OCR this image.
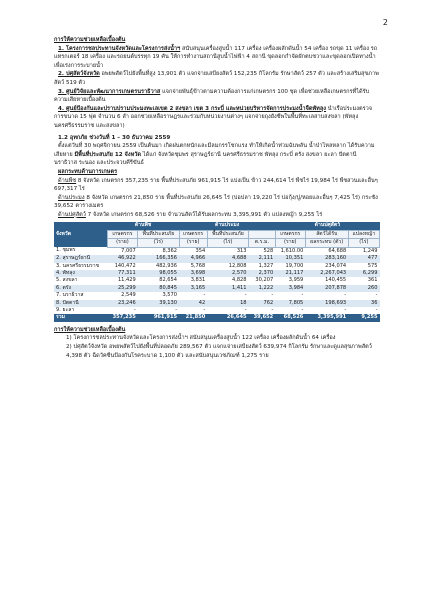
2

การให้ความช่วยเหลือเบื้องต้น

1. โครงการชลประทานจังหวัดและโครงการส่งน้ำฯ สนับสนุนเครื่องสูบน้ำ 117 เครื่อง เครื่องผลักดันน้ำ 54 เครื่อง รถขุด 11 เครื่อง รถแทรกเตอร์ 18 เครื่อง และรถยนต์บรรทุก 19 คัน ให้การทำงานสถานีสูบน้ำไฟฟ้า 4 สถานี ขุดลอกกำจัดผักตบชวาและขุดลอกเปิดทางน้ำ เพื่อเร่งการระบายน้ำ

2. ปศุสัตว์จังหวัด อพยพสัตว์ไปยังพื้นที่สูง 13,901 ตัว แจกจ่ายเสบียงสัตว์ 152,235 กิโลกรัม รักษาสัตว์ 257 ตัว และสร้างเสริมสุขภาพสัตว์ 519 ตัว

3. ศูนย์วิจัยและพัฒนาการเกษตรนราธิวาส แจกจ่ายพันธุ์ข้าวตามความต้องการแก่เกษตรกร 100 ชุด เพื่อช่วยเหลือเกษตรกรที่ได้รับความเสียหายเบื้องต้น

4. ศูนย์ป้องกันและปราบปรามประมงทะเลเขต 2 สงขลา เขต 3 กระบี่ และหน่วยบริหารจัดการประมงน้ำจืดพัทลุง นำเรือประมงตรวจการขนาด 15 ฟุต จำนวน 6 ลำ ออกช่วยเหลือราษฎรและร่วมกับหน่วยงานต่างๆ แจกจ่ายถุงยังชีพในพื้นที่ทะเลสาบสงขลา (พัทลุง นครศรีธรรมราช และสงขลา)

1.2 อุทกภัย ช่วงวันที่ 1 – 30 ธันวาคม 2559

ตั้งแต่วันที่ 30 พฤศจิกายน 2559 เป็นต้นมา เกิดฝนตกหนักและมีลมกรรโชกแรง ทำให้เกิดน้ำท่วมฉับพลัน น้ำป่าไหลหลาก ได้รับความเสียหาย มีพื้นที่ประสบภัย 12 จังหวัด ได้แก่ จังหวัดชุมพร สุราษฎร์ธานี นครศรีธรรมราช พัทลุง กระบี่ ตรัง สงขลา ยะลา ปัตตานี นราธิวาส ระนอง และประจวบคีรีขันธ์

ผลกระทบด้านการเกษตร

ด้านพืช 8 จังหวัด เกษตรกร 357,235 ราย พื้นที่ประสบภัย 961,915 ไร่ แบ่งเป็น ข้าว 244,614 ไร่ พืชไร่ 19,984 ไร่ พืชสวนและอื่นๆ 697,317 ไร่

ด้านประมง 8 จังหวัด เกษตรกร 21,850 ราย พื้นที่ประสบภัย 26,645 ไร่ (บ่อปลา 19,220 ไร่ บ่อกุ้ง/ปู/หอยและอื่นๆ 7,425 ไร่) กระชัง 39,652 ตารางเมตร

ด้านปศุสัตว์ 7 จังหวัด เกษตรกร 68,526 ราย จำนวนสัตว์ได้รับผลกระทบ 3,395,991 ตัว แปลงหญ้า 9,255 ไร่

จังหวัด	ด้านพืช		ด้านประมง			ด้านปศุสัตว์		
	เกษตรกร	พื้นที่ประสบภัย	เกษตรกร	พื้นที่ประสบภัย		เกษตรกร	สัตว์ได้รับ	แปลงหญ้า
	(ราย)	(ไร่)	(ราย)	(ไร่)	ต.ร.ม.	(ราย)	ผลกระทบ (ตัว)	(ไร่)
1. ชุมพร	7,007	8,362	354	313	528	1,610.00	64,688	1,249
2. สุราษฎร์ธานี	46,922	166,356	4,966	4,688	2,111	10,351	283,160	477
3. นครศรีธรรมราช	140,472	482,936	5,768	12,808	1,327	19,700	234,074	575
4. พัทลุง	77,311	98,055	3,698	2,570	2,370	21,117	2,267,043	6,299
5. สงขลา	11,429	82,654	3,831	4,828	30,207	3,959	140,455	361
6. ตรัง	25,299	80,845	3,165	1,411	1,222	3,984	207,878	260
7. นราธิวาส	2,549	3,570	-	-	-	-	-	-
8. ปัตตานี	23,246	39,130	42	18	762	7,805	198,693	36
9. ยะลา	-	-	-	-	-	-	-	-
รวม	357,235	961,915	21,850	26,645	39,652	68,526	3,395,991	9,255

การให้ความช่วยเหลือเบื้องต้น

1) โครงการชลประทานจังหวัดและโครงการส่งน้ำฯ สนับสนุนเครื่องสูบน้ำ 122 เครื่อง เครื่องผลักดันน้ำ 64 เครื่อง

2) ปศุสัตว์จังหวัด อพยพสัตว์ไปยังพื้นที่ปลอดภัย 289,567 ตัว แจกแจ่ายเสบียงสัตว์ 639,974 กิโลกรัม รักษาและดูแลสุขภาพสัตว์ 4,398 ตัว ฉีดวัคซีนป้องกันโรคระบาด 1,100 ตัว และสนับสนุนเวชภัณฑ์ 1,275 ราย
